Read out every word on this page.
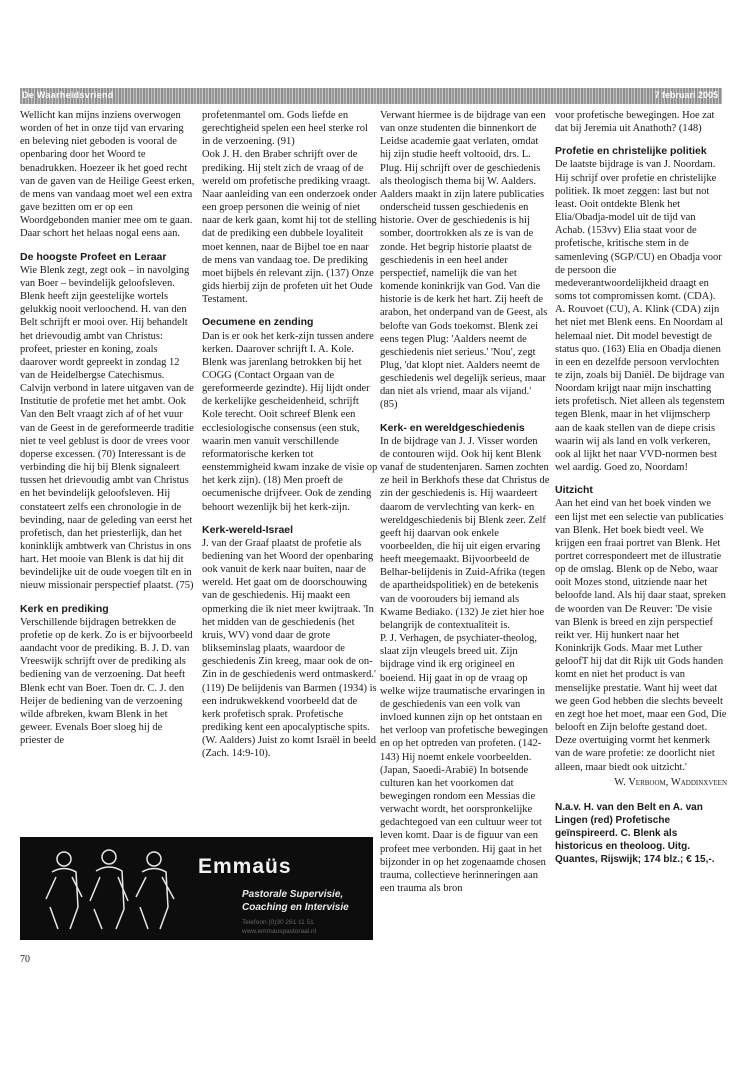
De Waarheidsvriend	7 februari 2005

Wellicht kan mijns inziens overwogen worden of het in onze tijd van ervaring en beleving niet geboden is vooral de openbaring door het Woord te benadrukken. Hoezeer ik het goed recht van de gaven van de Heilige Geest erken, de mens van vandaag moet wel een extra gave bezitten om er op een Woordgebonden manier mee om te gaan. Daar schort het helaas nogal eens aan.

De hoogste Profeet en Leraar

Wie Blenk zegt, zegt ook – in navolging van Boer – bevindelijk geloofsleven. Blenk heeft zijn geestelijke wortels gelukkig nooit verloochend. H. van den Belt schrijft er mooi over. Hij behandelt het drievoudig ambt van Christus: profeet, priester en koning, zoals daarover wordt gepreekt in zondag 12 van de Heidelbergse Catechismus. Calvijn verbond in latere uitgaven van de Institutie de profetie met het ambt. Ook Van den Belt vraagt zich af of het vuur van de Geest in de gereformeerde traditie niet te veel geblust is door de vrees voor doperse excessen. (70) Interessant is de verbinding die hij bij Blenk signaleert tussen het drievoudig ambt van Christus en het bevindelijk geloofsleven. Hij constateert zelfs een chronologie in de bevinding, naar de geleding van eerst het profetisch, dan het priesterlijk, dan het koninklijk ambtwerk van Christus in ons hart. Het mooie van Blenk is dat hij dit bevindelijke uit de oude voegen tilt en in nieuw missionair perspectief plaatst. (75)

Kerk en prediking

Verschillende bijdragen betrekken de profetie op de kerk. Zo is er bijvoorbeeld aandacht voor de prediking. B. J. D. van Vreeswijk schrijft over de prediking als bediening van de verzoening. Dat heeft Blenk echt van Boer. Toen dr. C. J. den Heijer de bediening van de verzoening wilde afbreken, kwam Blenk in het geweer. Evenals Boer sloeg hij de priester de

profetenmantel om. Gods liefde en gerechtigheid spelen een heel sterke rol in de verzoening. (91)

Ook J. H. den Braber schrijft over de prediking. Hij stelt zich de vraag of de wereld om profetische prediking vraagt. Naar aanleiding van een onderzoek onder een groep personen die weinig of niet naar de kerk gaan, komt hij tot de stelling dat de prediking een dubbele loyaliteit moet kennen, naar de Bijbel toe en naar de mens van vandaag toe. De prediking moet bijbels én relevant zijn. (137) Onze gids hierbij zijn de profeten uit het Oude Testament.

Oecumene en zending

Dan is er ook het kerk-zijn tussen andere kerken. Daarover schrijft I. A. Kole. Blenk was jarenlang betrokken bij het COGG (Contact Orgaan van de gereformeerde gezindte). Hij lijdt onder de kerkelijke gescheidenheid, schrijft Kole terecht. Ooit schreef Blenk een ecclesiologische consensus (een stuk, waarin men vanuit verschillende reformatorische kerken tot eenstemmigheid kwam inzake de visie op het kerk zijn). (18) Men proeft de oecumenische drijfveer. Ook de zending behoort wezenlijk bij het kerk-zijn.

Kerk-wereld-Israel

J. van der Graaf plaatst de profetie als bediening van het Woord der openbaring ook vanuit de kerk naar buiten, naar de wereld. Het gaat om de doorschouwing van de geschiedenis. Hij maakt een opmerking die ik niet meer kwijtraak. 'In het midden van de geschiedenis (het kruis, WV) vond daar de grote blikseminslag plaats, waardoor de geschiedenis Zin kreeg, maar ook de on-Zin in de geschiedenis werd ontmaskerd.' (119) De belijdenis van Barmen (1934) is een indrukwekkend voorbeeld dat de kerk profetisch sprak. Profetische prediking kent een apocalyptische spits. (W. Aalders) Juist zo komt Israël in beeld (Zach. 14:9-10).

Verwant hiermee is de bijdrage van een van onze studenten die binnenkort de Leidse academie gaat verlaten, omdat hij zijn studie heeft voltooid, drs. L. Plug. Hij schrijft over de geschiedenis als theologisch thema bij W. Aalders. Aalders maakt in zijn latere publicaties onderscheid tussen geschiedenis en historie. Over de geschiedenis is hij somber, doortrokken als ze is van de zonde. Het begrip historie plaatst de geschiedenis in een heel ander perspectief, namelijk die van het komende koninkrijk van God. Van die historie is de kerk het hart. Zij heeft de arabon, het onderpand van de Geest, als belofte van Gods toekomst. Blenk zei eens tegen Plug: 'Aalders neemt de geschiedenis niet serieus.' 'Nou', zegt Plug, 'dat klopt niet. Aalders neemt de geschiedenis wel degelijk serieus, maar dan niet als vriend, maar als vijand.' (85)

Kerk- en wereldgeschiedenis

In de bijdrage van J. J. Visser worden de contouren wijd. Ook hij kent Blenk vanaf de studentenjaren. Samen zochten ze heil in Berkhofs these dat Christus de zin der geschiedenis is. Hij waardeert daarom de vervlechting van kerk- en wereldgeschiedenis bij Blenk zeer. Zelf geeft hij daarvan ook enkele voorbeelden, die hij uit eigen ervaring heeft meegemaakt. Bijvoorbeeld de Belhar-belijdenis in Zuid-Afrika (tegen de apartheidspolitiek) en de betekenis van de voorouders bij iemand als Kwame Bediako. (132) Je ziet hier hoe belangrijk de contextualiteit is.

P. J. Verhagen, de psychiater-theolog, slaat zijn vleugels breed uit. Zijn bijdrage vind ik erg origineel en boeiend. Hij gaat in op de vraag op welke wijze traumatische ervaringen in de geschiedenis van een volk van invloed kunnen zijn op het ontstaan en het verloop van profetische bewegingen en op het optreden van profeten. (142-143) Hij noemt enkele voorbeelden. (Japan, Saoedi-Arabië) In botsende culturen kan het voorkomen dat bewegingen rondom een Messias die verwacht wordt, het oorspronkelijke gedachtegoed van een cultuur weer tot leven komt. Daar is de figuur van een profeet mee verbonden. Hij gaat in het bijzonder in op het zogenaamde chosen trauma, collectieve herinneringen aan een trauma als bron

voor profetische bewegingen. Hoe zat dat bij Jeremia uit Anathoth? (148)

Profetie en christelijke politiek

De laatste bijdrage is van J. Noordam. Hij schrijf over profetie en christelijke politiek. Ik moet zeggen: last but not least. Ooit ontdekte Blenk het Elia/Obadja-model uit de tijd van Achab. (153vv) Elia staat voor de profetische, kritische stem in de samenleving (SGP/CU) en Obadja voor de persoon die medeverantwoordelijkheid draagt en soms tot compromissen komt. (CDA). A. Rouvoet (CU), A. Klink (CDA) zijn het niet met Blenk eens. En Noordam al helemaal niet. Dit model bevestigt de status quo. (163) Elia en Obadja dienen in een en dezelfde persoon vervlochten te zijn, zoals bij Daniël. De bijdrage van Noordam krijgt naar mijn inschatting iets profetisch. Niet alleen als tegenstem tegen Blenk, maar in het vlijmscherp aan de kaak stellen van de diepe crisis waarin wij als land en volk verkeren, ook al lijkt het naar VVD-normen best wel aardig. Goed zo, Noordam!

Uitzicht

Aan het eind van het boek vinden we een lijst met een selectie van publicaties van Blenk. Het boek biedt veel. We krijgen een fraai portret van Blenk. Het portret correspondeert met de illustratie op de omslag. Blenk op de Nebo, waar ooit Mozes stond, uitziende naar het beloofde land. Als hij daar staat, spreken de woorden van De Reuver: 'De visie van Blenk is breed en zijn perspectief reikt ver. Hij hunkert naar het Koninkrijk Gods. Maar met Luther geloofT hij dat dit Rijk uit Gods handen komt en niet het product is van menselijke prestatie. Want hij weet dat we geen God hebben die slechts beveelt en zegt hoe het moet, maar een God, Die belooft en Zijn belofte gestand doet. Deze overtuiging vormt het kenmerk van de ware profetie: ze doorlicht niet alleen, maar biedt ook uitzicht.'

W. Verboom, Waddinxveen

N.a.v. H. van den Belt en A. van Lingen (red) Profetische geïnspireerd. C. Blenk als historicus en theoloog. Uitg. Quantes, Rijswijk; 174 blz.; € 15,-.

Emmaüs
Pastorale Supervisie,
Coaching en Intervisie
Telefoon (0)30 261 11 51
www.emmauspastoraal.nl
70
